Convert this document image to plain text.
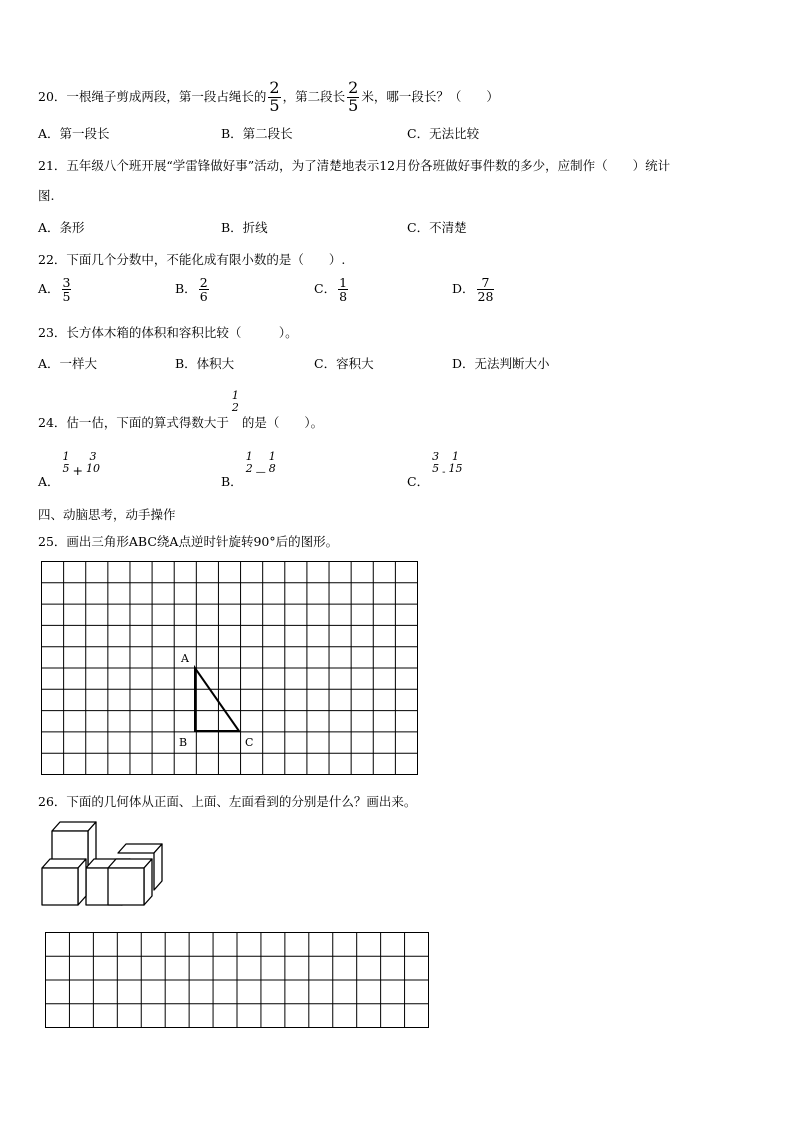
20．一根绳子剪成两段，第一段占绳长的 $\frac{2}{5}$ ，第二段长 $\frac{2}{5}$ 米，哪一段长？（　　）
A．第一段长	B．第二段长	C．无法比较
21．五年级八个班开展“学雷锋做好事”活动，为了清楚地表示12月份各班做好事件数的多少，应制作（　　）统计
图.
A．条形	B．折线	C．不清楚
22．下面几个分数中，不能化成有限小数的是（　　）.
A． $\frac{3}{5}$	B． $\frac{2}{6}$	C． $\frac{1}{8}$	D． $\frac{7}{28}$
23．长方体木箱的体积和容积比较（　　　）。
A．一样大	B．体积大	C．容积大	D．无法判断大小
24．估一估，下面的算式得数大于
1
2
的是（　　）。
A．
1
5 +
3
10
B．
1
2 $_—$
1
8
C．
3
5 $_-$
1
15
四、动脑思考，动手操作
25．画出三角形ABC绕A点逆时针旋转90°后的图形。
A
B	C
26．下面的几何体从正面、上面、左面看到的分别是什么？画出来。
